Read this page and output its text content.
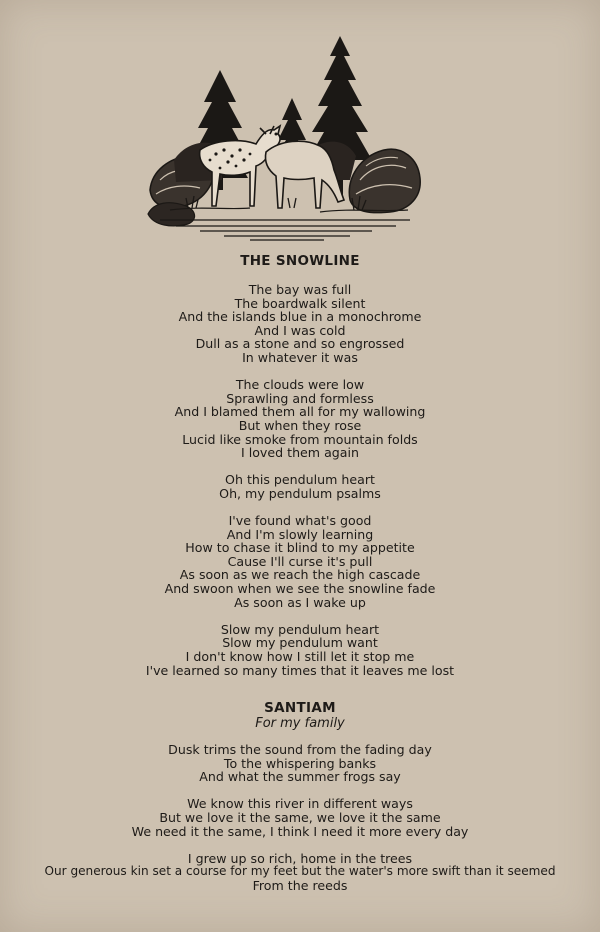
THE SNOWLINE
The bay was full
The boardwalk silent
And the islands blue in a monochrome
And I was cold
Dull as a stone and so engrossed
In whatever it was
The clouds were low
Sprawling and formless
And I blamed them all for my wallowing
But when they rose
Lucid like smoke from mountain folds
I loved them again
Oh this pendulum heart
Oh, my pendulum psalms
I've found what's good
And I'm slowly learning
How to chase it blind to my appetite
Cause I'll curse it's pull
As soon as we reach the high cascade
And swoon when we see the snowline fade
As soon as I wake up
Slow my pendulum heart
Slow my pendulum want
I don't know how I still let it stop me
I've learned so many times that it leaves me lost
SANTIAM
For my family
Dusk trims the sound from the fading day
To the whispering banks
And what the summer frogs say
We know this river in different ways
But we love it the same, we love it the same
We need it the same, I think I need it more every day
I grew up so rich, home in the trees
Our generous kin set a course for my feet but the water's more swift than it seemed
From the reeds
